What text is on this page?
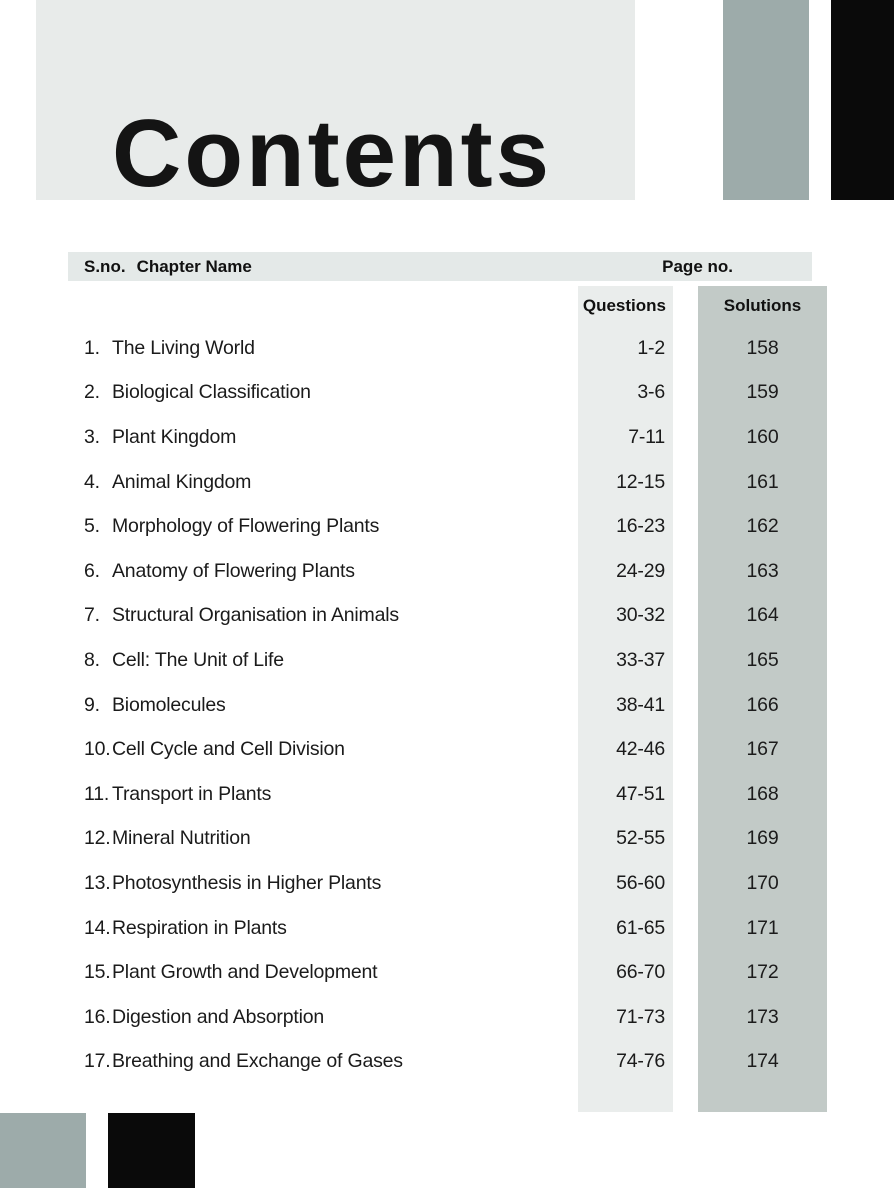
Contents
S.no. Chapter Name	Page no.
Questions	Solutions
1. The Living World	1-2	158
2. Biological Classification	3-6	159
3. Plant Kingdom	7-11	160
4. Animal Kingdom	12-15	161
5. Morphology of Flowering Plants	16-23	162
6. Anatomy of Flowering Plants	24-29	163
7. Structural Organisation in Animals	30-32	164
8. Cell: The Unit of Life	33-37	165
9. Biomolecules	38-41	166
10. Cell Cycle and Cell Division	42-46	167
11. Transport in Plants	47-51	168
12. Mineral Nutrition	52-55	169
13. Photosynthesis in Higher Plants	56-60	170
14. Respiration in Plants	61-65	171
15. Plant Growth and Development	66-70	172
16. Digestion and Absorption	71-73	173
17. Breathing and Exchange of Gases	74-76	174
